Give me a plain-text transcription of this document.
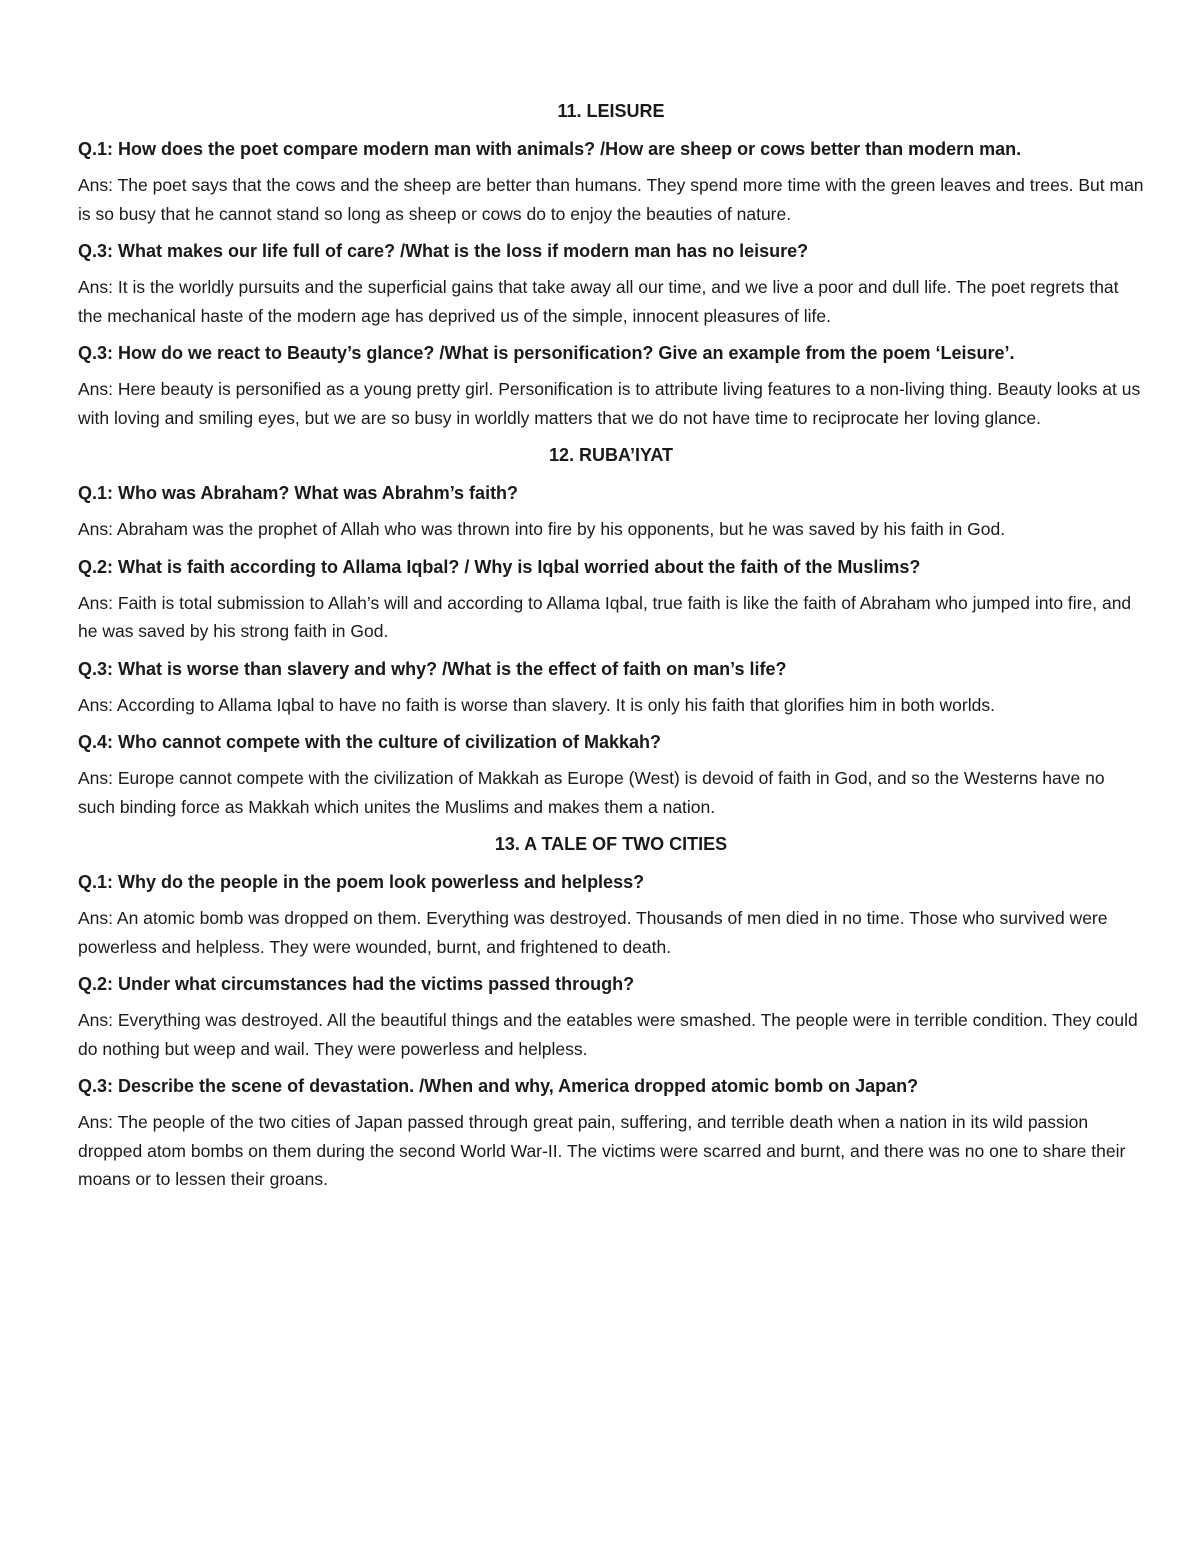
11. LEISURE
Q.1: How does the poet compare modern man with animals? /How are sheep or cows better than modern man.
Ans: The poet says that the cows and the sheep are better than humans. They spend more time with the green leaves and trees. But man is so busy that he cannot stand so long as sheep or cows do to enjoy the beauties of nature.
Q.3: What makes our life full of care? /What is the loss if modern man has no leisure?
Ans: It is the worldly pursuits and the superficial gains that take away all our time, and we live a poor and dull life. The poet regrets that the mechanical haste of the modern age has deprived us of the simple, innocent pleasures of life.
Q.3: How do we react to Beauty’s glance? /What is personification? Give an example from the poem ‘Leisure’.
Ans: Here beauty is personified as a young pretty girl. Personification is to attribute living features to a non-living thing. Beauty looks at us with loving and smiling eyes, but we are so busy in worldly matters that we do not have time to reciprocate her loving glance.
12. RUBA’IYAT
Q.1: Who was Abraham? What was Abrahm’s faith?
Ans: Abraham was the prophet of Allah who was thrown into fire by his opponents, but he was saved by his faith in God.
Q.2: What is faith according to Allama Iqbal? / Why is Iqbal worried about the faith of the Muslims?
Ans: Faith is total submission to Allah’s will and according to Allama Iqbal, true faith is like the faith of Abraham who jumped into fire, and he was saved by his strong faith in God.
Q.3: What is worse than slavery and why? /What is the effect of faith on man’s life?
Ans: According to Allama Iqbal to have no faith is worse than slavery. It is only his faith that glorifies him in both worlds.
Q.4: Who cannot compete with the culture of civilization of Makkah?
Ans: Europe cannot compete with the civilization of Makkah as Europe (West) is devoid of faith in God, and so the Westerns have no such binding force as Makkah which unites the Muslims and makes them a nation.
13. A TALE OF TWO CITIES
Q.1: Why do the people in the poem look powerless and helpless?
Ans: An atomic bomb was dropped on them. Everything was destroyed. Thousands of men died in no time. Those who survived were powerless and helpless. They were wounded, burnt, and frightened to death.
Q.2: Under what circumstances had the victims passed through?
Ans: Everything was destroyed. All the beautiful things and the eatables were smashed. The people were in terrible condition. They could do nothing but weep and wail. They were powerless and helpless.
Q.3: Describe the scene of devastation. /When and why, America dropped atomic bomb on Japan?
Ans: The people of the two cities of Japan passed through great pain, suffering, and terrible death when a nation in its wild passion dropped atom bombs on them during the second World War-II. The victims were scarred and burnt, and there was no one to share their moans or to lessen their groans.
